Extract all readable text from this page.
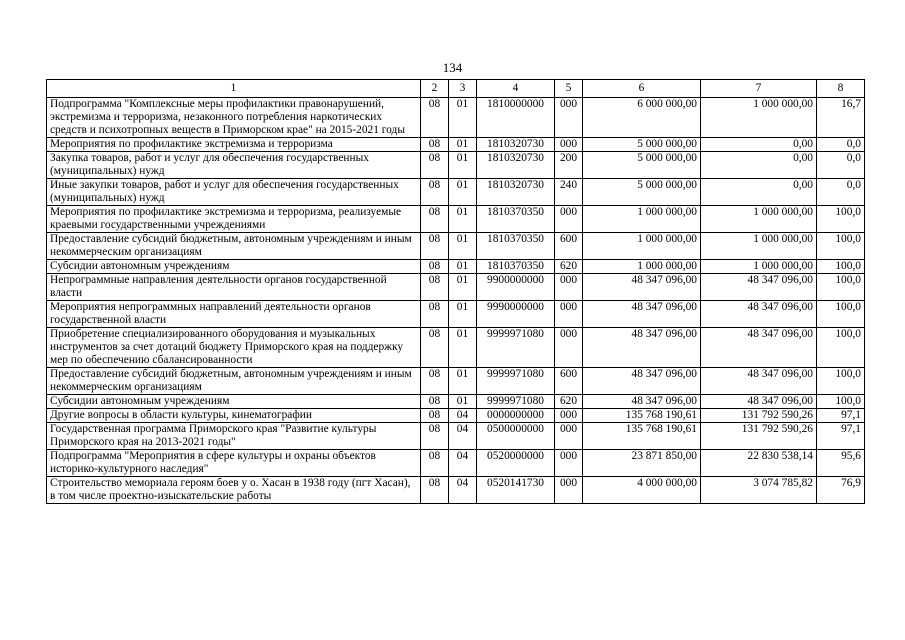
134
1	2	3	4	5	6	7	8
Подпрограмма "Комплексные меры профилактики правонарушений, экстремизма и терроризма, незаконного потребления наркотических средств и психотропных веществ в Приморском крае" на 2015-2021 годы	08	01	1810000000	000	6 000 000,00	1 000 000,00	16,7
Мероприятия по профилактике экстремизма и терроризма	08	01	1810320730	000	5 000 000,00	0,00	0,0
Закупка товаров, работ и услуг для обеспечения государственных (муниципальных) нужд	08	01	1810320730	200	5 000 000,00	0,00	0,0
Иные закупки товаров, работ и услуг для обеспечения государственных (муниципальных) нужд	08	01	1810320730	240	5 000 000,00	0,00	0,0
Мероприятия по профилактике экстремизма и терроризма, реализуемые краевыми государственными учреждениями	08	01	1810370350	000	1 000 000,00	1 000 000,00	100,0
Предоставление субсидий бюджетным, автономным учреждениям и иным некоммерческим организациям	08	01	1810370350	600	1 000 000,00	1 000 000,00	100,0
Субсидии автономным учреждениям	08	01	1810370350	620	1 000 000,00	1 000 000,00	100,0
Непрограммные направления деятельности органов государственной власти	08	01	9900000000	000	48 347 096,00	48 347 096,00	100,0
Мероприятия непрограммных направлений деятельности органов государственной власти	08	01	9990000000	000	48 347 096,00	48 347 096,00	100,0
Приобретение специализированного оборудования и музыкальных инструментов за счет дотаций бюджету Приморского края на поддержку мер по обеспечению сбалансированности	08	01	9999971080	000	48 347 096,00	48 347 096,00	100,0
Предоставление субсидий бюджетным, автономным учреждениям и иным некоммерческим организациям	08	01	9999971080	600	48 347 096,00	48 347 096,00	100,0
Субсидии автономным учреждениям	08	01	9999971080	620	48 347 096,00	48 347 096,00	100,0
Другие вопросы в области культуры, кинематографии	08	04	0000000000	000	135 768 190,61	131 792 590,26	97,1
Государственная программа Приморского края "Развитие культуры Приморского края на 2013-2021 годы"	08	04	0500000000	000	135 768 190,61	131 792 590,26	97,1
Подпрограмма "Мероприятия в сфере культуры и охраны объектов историко-культурного наследия"	08	04	0520000000	000	23 871 850,00	22 830 538,14	95,6
Строительство мемориала героям боев у о. Хасан в 1938 году (пгт Хасан), в том числе проектно-изыскательские работы	08	04	0520141730	000	4 000 000,00	3 074 785,82	76,9
